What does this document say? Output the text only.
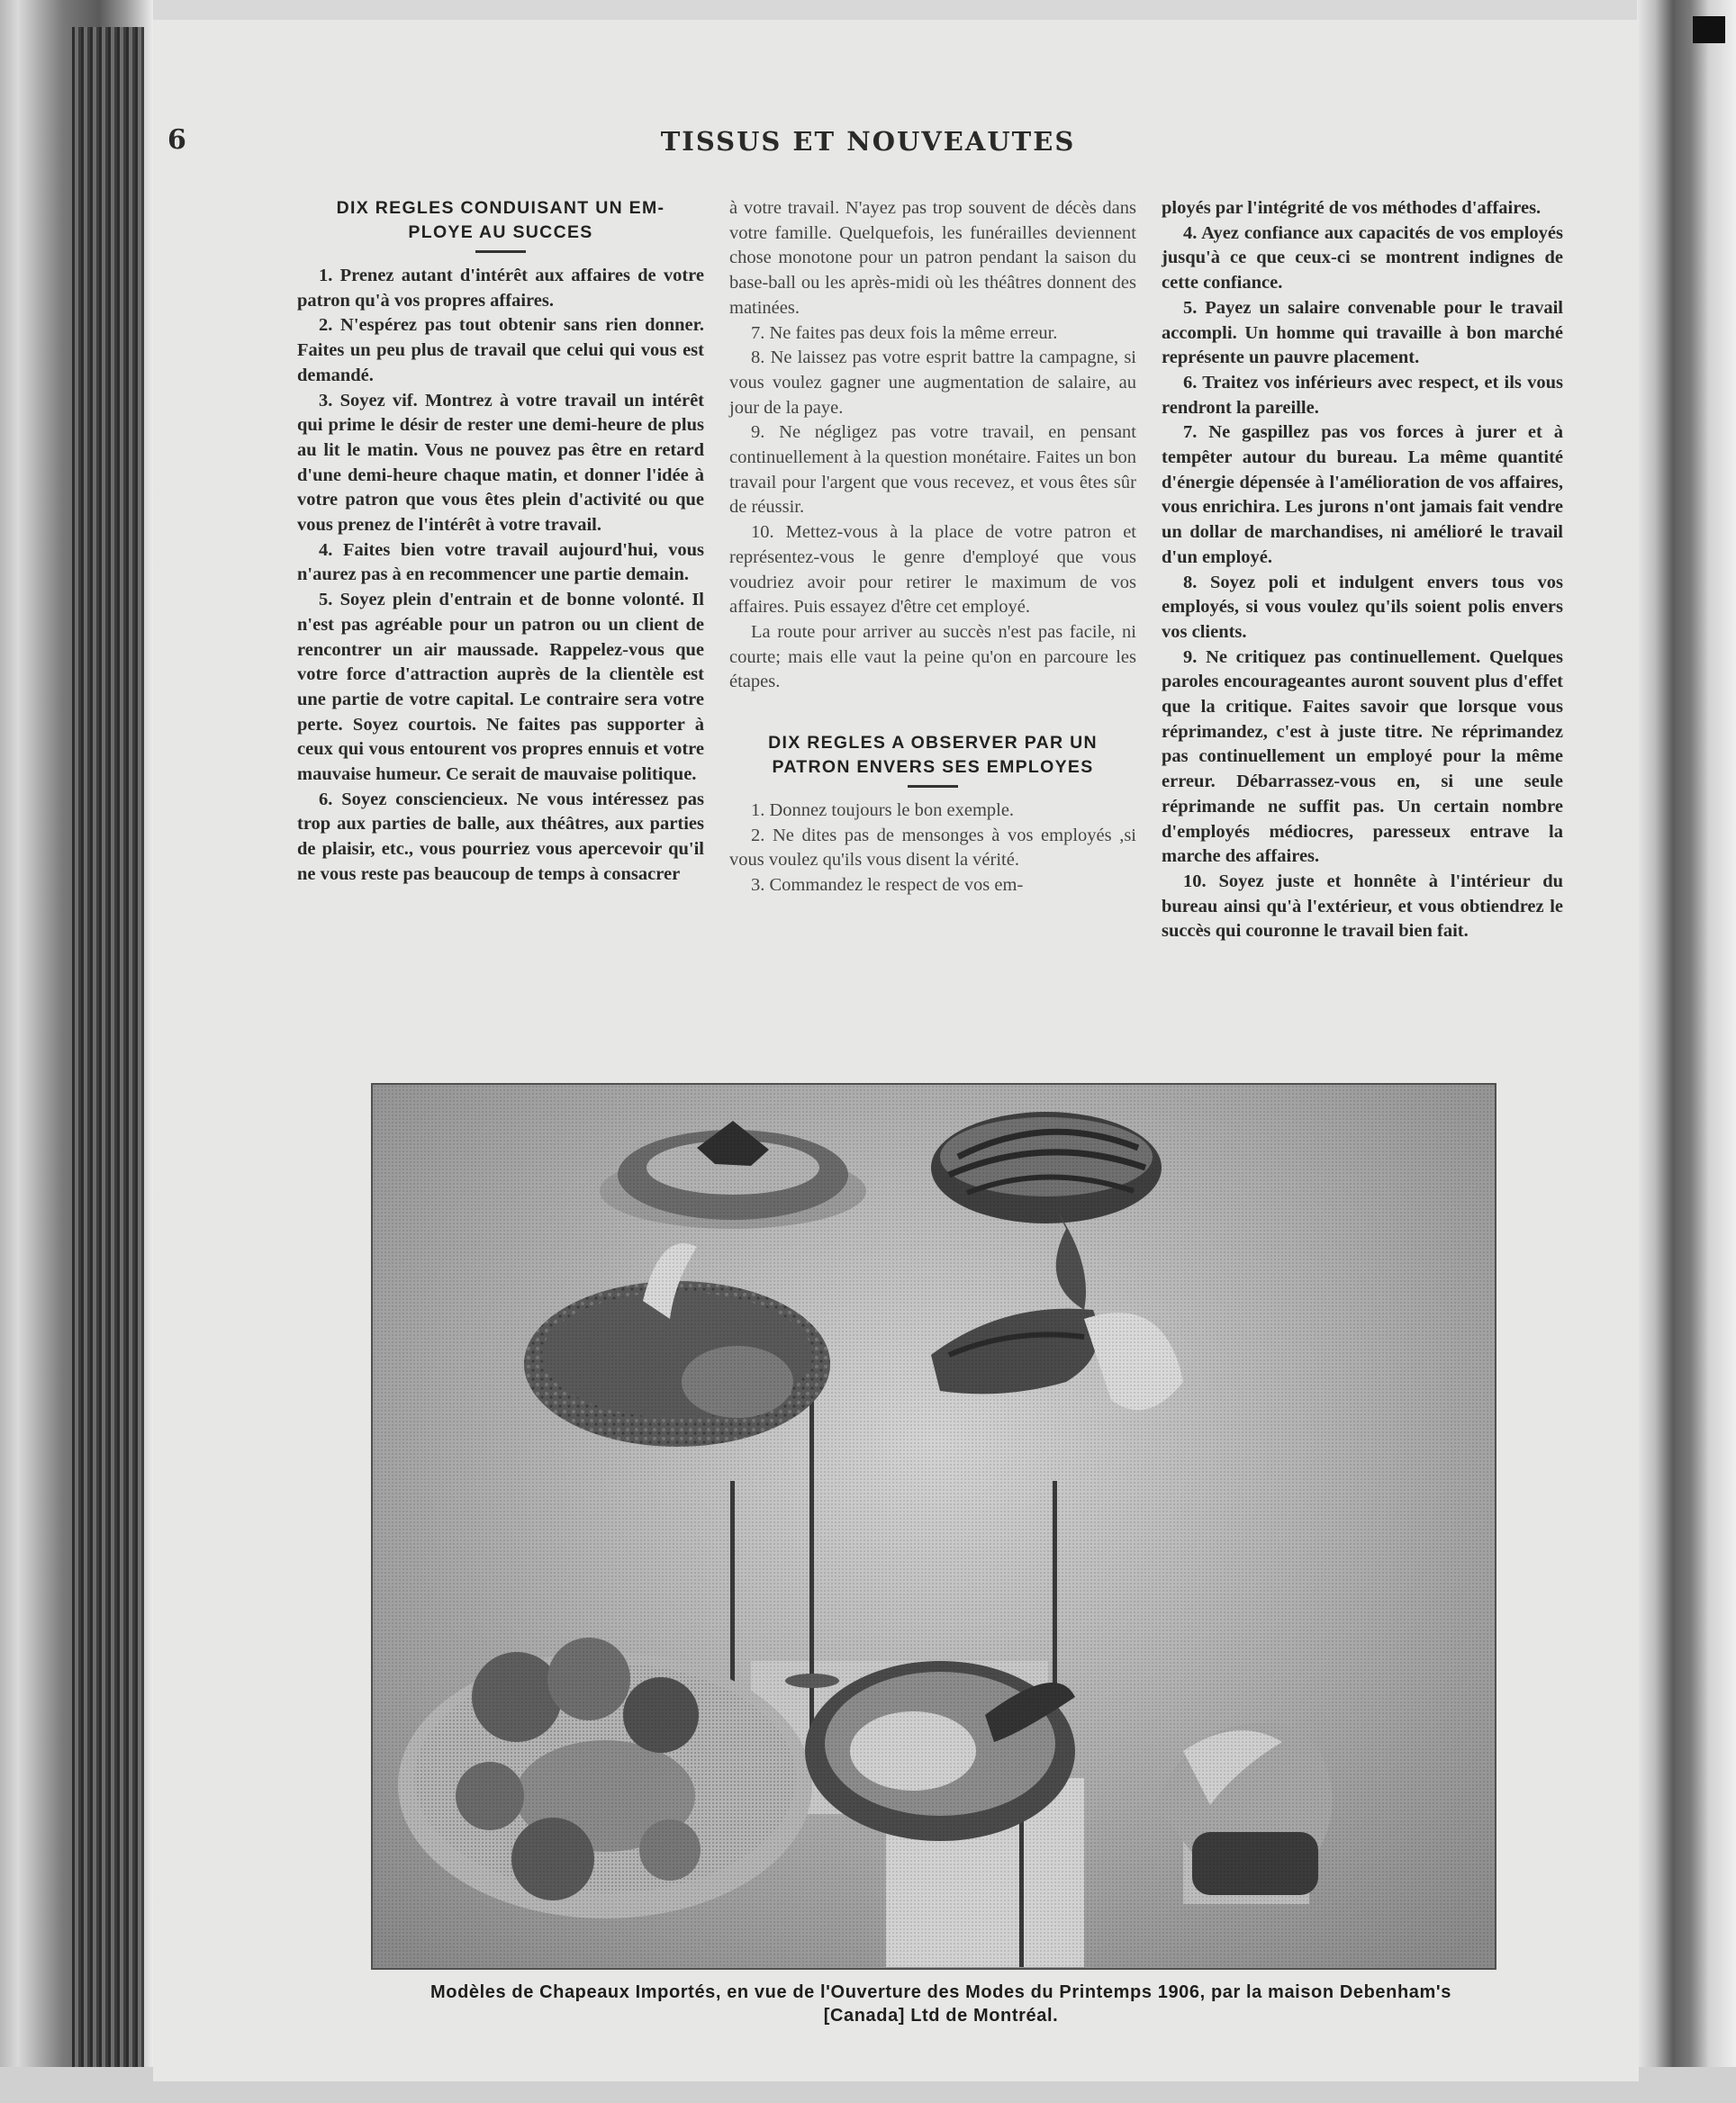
6	TISSUS ET NOUVEAUTES
DIX REGLES CONDUISANT UN EM-
PLOYE AU SUCCES

1. Prenez autant d'intérêt aux affaires de votre patron qu'à vos propres affaires.

2. N'espérez pas tout obtenir sans rien donner. Faites un peu plus de travail que celui qui vous est demandé.

3. Soyez vif. Montrez à votre travail un intérêt qui prime le désir de rester une demi-heure de plus au lit le matin. Vous ne pouvez pas être en retard d'une demi-heure chaque matin, et donner l'idée à votre patron que vous êtes plein d'activité ou que vous prenez de l'intérêt à votre travail.

4. Faites bien votre travail aujourd'hui, vous n'aurez pas à en recommencer une partie demain.

5. Soyez plein d'entrain et de bonne volonté. Il n'est pas agréable pour un patron ou un client de rencontrer un air maussade. Rappelez-vous que votre force d'attraction auprès de la clientèle est une partie de votre capital. Le contraire sera votre perte. Soyez courtois. Ne faites pas supporter à ceux qui vous entourent vos propres ennuis et votre mauvaise humeur. Ce serait de mauvaise politique.

6. Soyez consciencieux. Ne vous intéressez pas trop aux parties de balle, aux théâtres, aux parties de plaisir, etc., vous pourriez vous apercevoir qu'il ne vous reste pas beaucoup de temps à consacrer

à votre travail. N'ayez pas trop souvent de décès dans votre famille. Quelquefois, les funérailles deviennent chose monotone pour un patron pendant la saison du base-ball ou les après-midi où les théâtres donnent des matinées.

7. Ne faites pas deux fois la même erreur.

8. Ne laissez pas votre esprit battre la campagne, si vous voulez gagner une augmentation de salaire, au jour de la paye.

9. Ne négligez pas votre travail, en pensant continuellement à la question monétaire. Faites un bon travail pour l'argent que vous recevez, et vous êtes sûr de réussir.

10. Mettez-vous à la place de votre patron et représentez-vous le genre d'employé que vous voudriez avoir pour retirer le maximum de vos affaires. Puis essayez d'être cet employé.

La route pour arriver au succès n'est pas facile, ni courte; mais elle vaut la peine qu'on en parcoure les étapes.

DIX REGLES A OBSERVER PAR UN
PATRON ENVERS SES EMPLOYES

1. Donnez toujours le bon exemple.

2. Ne dites pas de mensonges à vos employés ,si vous voulez qu'ils vous disent la vérité.

3. Commandez le respect de vos em-

ployés par l'intégrité de vos méthodes d'affaires.

4. Ayez confiance aux capacités de vos employés jusqu'à ce que ceux-ci se montrent indignes de cette confiance.

5. Payez un salaire convenable pour le travail accompli. Un homme qui travaille à bon marché représente un pauvre placement.

6. Traitez vos inférieurs avec respect, et ils vous rendront la pareille.

7. Ne gaspillez pas vos forces à jurer et à tempêter autour du bureau. La même quantité d'énergie dépensée à l'amélioration de vos affaires, vous enrichira. Les jurons n'ont jamais fait vendre un dollar de marchandises, ni amélioré le travail d'un employé.

8. Soyez poli et indulgent envers tous vos employés, si vous voulez qu'ils soient polis envers vos clients.

9. Ne critiquez pas continuellement. Quelques paroles encourageantes auront souvent plus d'effet que la critique. Faites savoir que lorsque vous réprimandez, c'est à juste titre. Ne réprimandez pas continuellement un employé pour la même erreur. Débarrassez-vous en, si une seule réprimande ne suffit pas. Un certain nombre d'employés médiocres, paresseux entrave la marche des affaires.

10. Soyez juste et honnête à l'intérieur du bureau ainsi qu'à l'extérieur, et vous obtiendrez le succès qui couronne le travail bien fait.

Modèles de Chapeaux Importés, en vue de l'Ouverture des Modes du Printemps 1906, par la maison Debenham's
[Canada] Ltd de Montréal.
